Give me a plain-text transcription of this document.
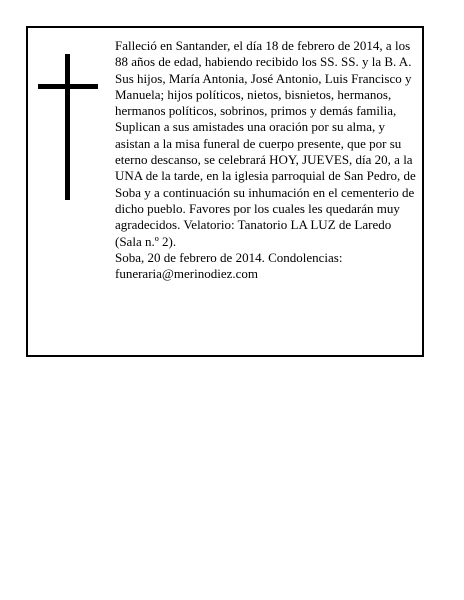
Falleció en Santander, el día 18 de febrero de 2014, a los 88 años de edad, habiendo recibido los SS. SS. y la B. A.

Sus hijos, María Antonia, José Antonio, Luis Francisco y Manuela; hijos políticos, nietos, bisnietos, hermanos, hermanos políticos, sobrinos, primos y demás familia, Suplican a sus amistades una oración por su alma, y asistan a la misa funeral de cuerpo presente, que por su eterno descanso, se celebrará HOY, JUEVES, día 20, a la UNA de la tarde, en la iglesia parroquial de San Pedro, de Soba y a continuación su inhumación en el cementerio de dicho pueblo. Favores por los cuales les quedarán muy agradecidos. Velatorio: Tanatorio LA LUZ de Laredo (Sala n.º 2).

Soba, 20 de febrero de 2014. Condolencias: funeraria@merinodiez.com
